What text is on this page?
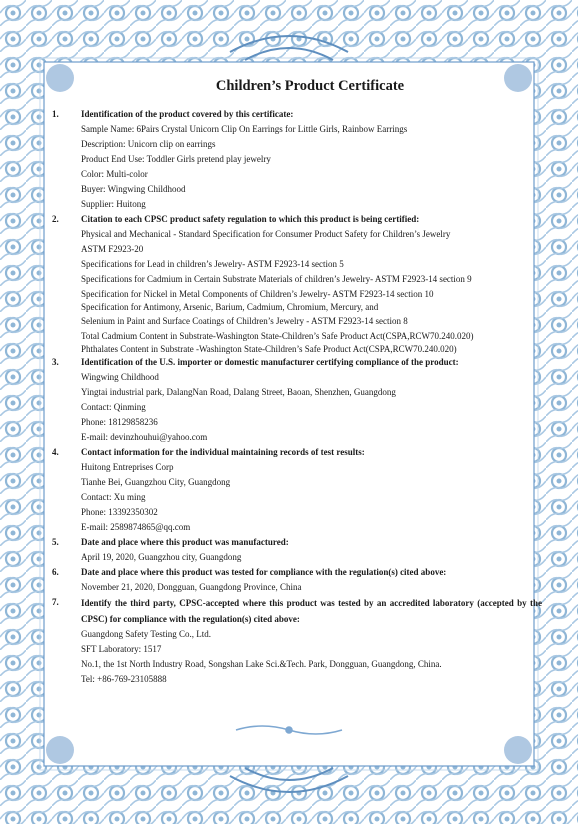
Children’s Product Certificate
1. Identification of the product covered by this certificate:
Sample Name: 6Pairs Crystal Unicorn Clip On Earrings for Little Girls, Rainbow Earrings
Description: Unicorn clip on earrings
Product End Use: Toddler Girls pretend play jewelry
Color: Multi-color
Buyer: Wingwing Childhood
Supplier: Huitong
2. Citation to each CPSC product safety regulation to which this product is being certified:
Physical and Mechanical - Standard Specification for Consumer Product Safety for Children’s Jewelry
ASTM F2923-20
Specifications for Lead in children’s Jewelry- ASTM F2923-14 section 5
Specifications for Cadmium in Certain Substrate Materials of children’s Jewelry- ASTM F2923-14 section 9
Specification for Nickel in Metal Components of Children’s Jewelry- ASTM F2923-14 section 10
Specification for Antimony, Arsenic, Barium, Cadmium, Chromium, Mercury, and
Selenium in Paint and Surface Coatings of Children’s Jewelry - ASTM F2923-14 section 8
Total Cadmium Content in Substrate-Washington State-Children’s Safe Product Act(CSPA,RCW70.240.020)
Phthalates Content in Substrate -Washington State-Children’s Safe Product Act(CSPA,RCW70.240.020)
3. Identification of the U.S. importer or domestic manufacturer certifying compliance of the product:
Wingwing Childhood
Yingtai industrial park, DalangNan Road, Dalang Street, Baoan, Shenzhen, Guangdong
Contact: Qinming
Phone: 18129858236
E-mail: devinzhouhui@yahoo.com
4. Contact information for the individual maintaining records of test results:
Huitong Entreprises Corp
Tianhe Bei, Guangzhou City, Guangdong
Contact: Xu ming
Phone: 13392350302
E-mail: 2589874865@qq.com
5. Date and place where this product was manufactured:
April 19, 2020, Guangzhou city, Guangdong
6. Date and place where this product was tested for compliance with the regulation(s) cited above:
November 21, 2020, Dongguan, Guangdong Province, China
7. Identify the third party, CPSC-accepted where this product was tested by an accredited laboratory (accepted by the CPSC) for compliance with the regulation(s) cited above:
Guangdong Safety Testing Co., Ltd.
SFT Laboratory: 1517
No.1, the 1st North Industry Road, Songshan Lake Sci.&Tech. Park, Dongguan, Guangdong, China.
Tel: +86-769-23105888
